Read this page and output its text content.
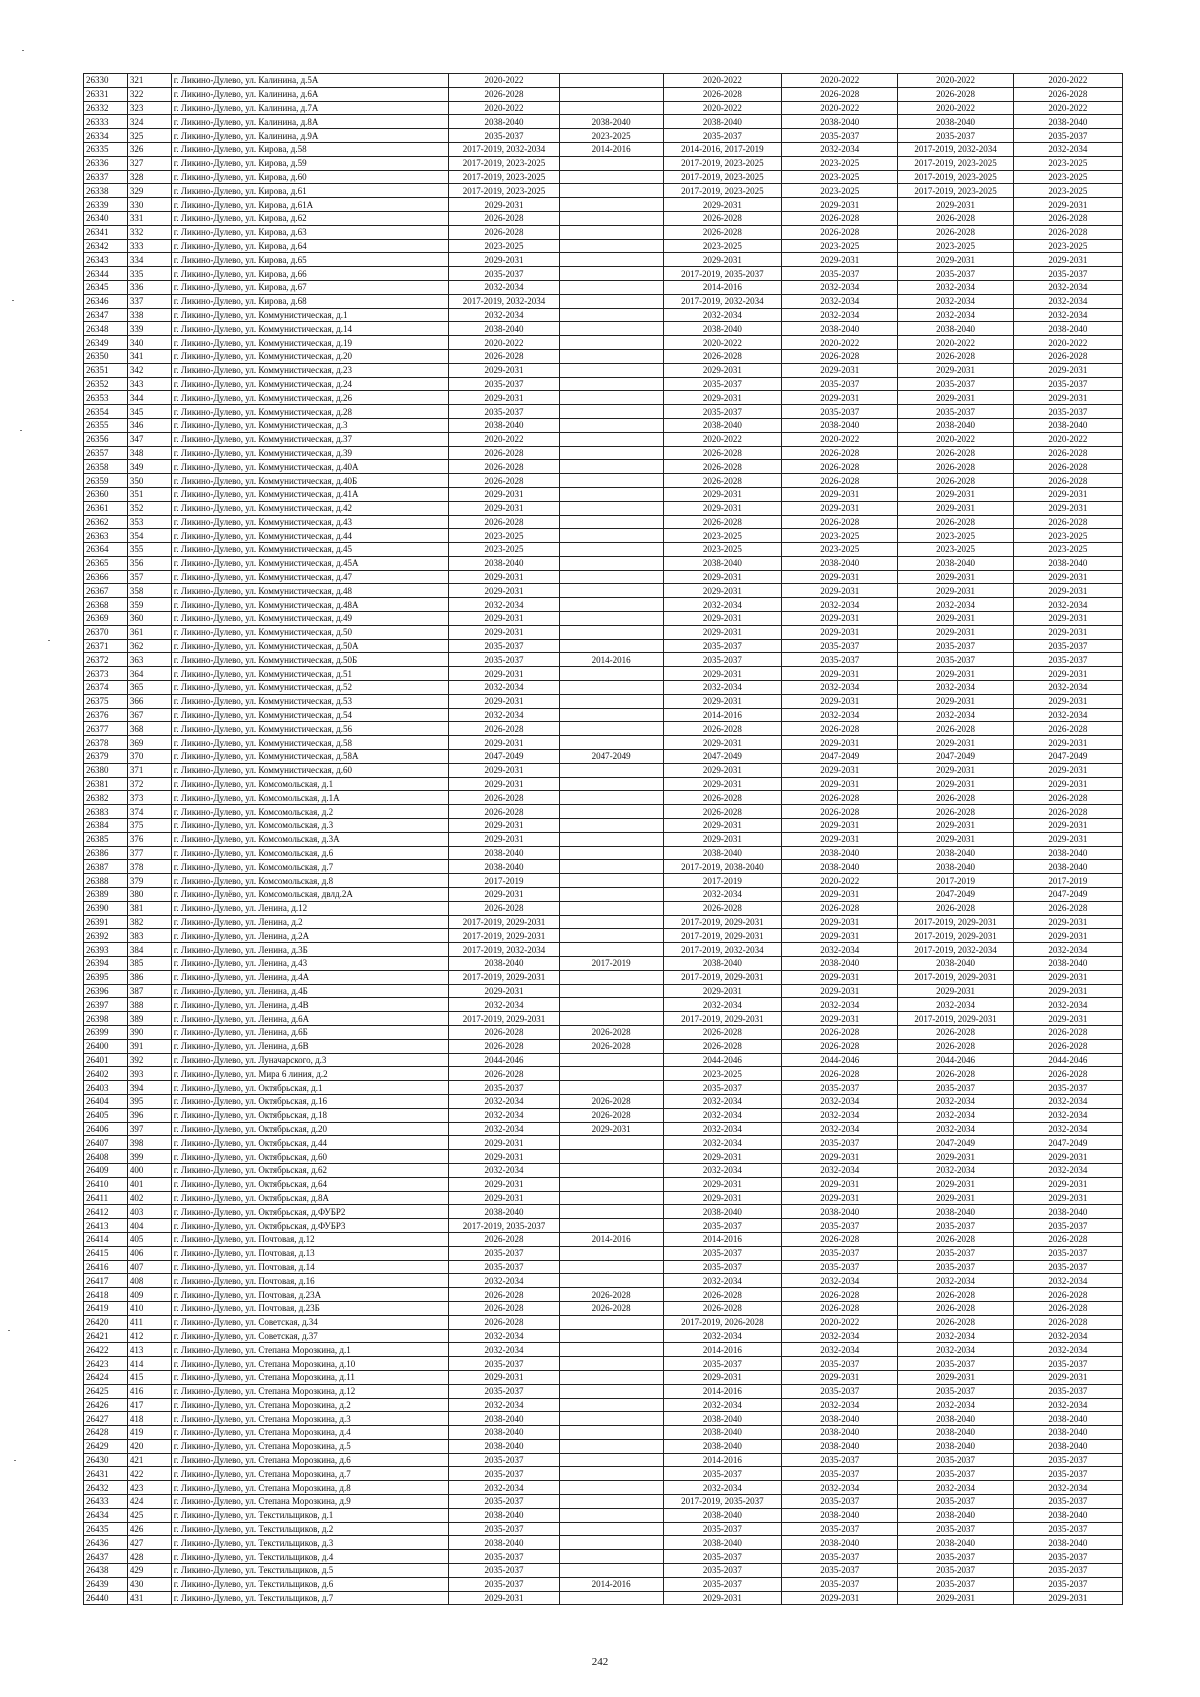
26330	321	г. Ликино-Дулево, ул. Калинина, д.5А	2020-2022		2020-2022	2020-2022	2020-2022	2020-2022
26331	322	г. Ликино-Дулево, ул. Калинина, д.6А	2026-2028		2026-2028	2026-2028	2026-2028	2026-2028
26332	323	г. Ликино-Дулево, ул. Калинина, д.7А	2020-2022		2020-2022	2020-2022	2020-2022	2020-2022
26333	324	г. Ликино-Дулево, ул. Калинина, д.8А	2038-2040	2038-2040	2038-2040	2038-2040	2038-2040	2038-2040
26334	325	г. Ликино-Дулево, ул. Калинина, д.9А	2035-2037	2023-2025	2035-2037	2035-2037	2035-2037	2035-2037
26335	326	г. Ликино-Дулево, ул. Кирова, д.58	2017-2019, 2032-2034	2014-2016	2014-2016, 2017-2019	2032-2034	2017-2019, 2032-2034	2032-2034
26336	327	г. Ликино-Дулево, ул. Кирова, д.59	2017-2019, 2023-2025		2017-2019, 2023-2025	2023-2025	2017-2019, 2023-2025	2023-2025
26337	328	г. Ликино-Дулево, ул. Кирова, д.60	2017-2019, 2023-2025		2017-2019, 2023-2025	2023-2025	2017-2019, 2023-2025	2023-2025
26338	329	г. Ликино-Дулево, ул. Кирова, д.61	2017-2019, 2023-2025		2017-2019, 2023-2025	2023-2025	2017-2019, 2023-2025	2023-2025
26339	330	г. Ликино-Дулево, ул. Кирова, д.61А	2029-2031		2029-2031	2029-2031	2029-2031	2029-2031
26340	331	г. Ликино-Дулево, ул. Кирова, д.62	2026-2028		2026-2028	2026-2028	2026-2028	2026-2028
26341	332	г. Ликино-Дулево, ул. Кирова, д.63	2026-2028		2026-2028	2026-2028	2026-2028	2026-2028
26342	333	г. Ликино-Дулево, ул. Кирова, д.64	2023-2025		2023-2025	2023-2025	2023-2025	2023-2025
26343	334	г. Ликино-Дулево, ул. Кирова, д.65	2029-2031		2029-2031	2029-2031	2029-2031	2029-2031
26344	335	г. Ликино-Дулево, ул. Кирова, д.66	2035-2037		2017-2019, 2035-2037	2035-2037	2035-2037	2035-2037
26345	336	г. Ликино-Дулево, ул. Кирова, д.67	2032-2034		2014-2016	2032-2034	2032-2034	2032-2034
26346	337	г. Ликино-Дулево, ул. Кирова, д.68	2017-2019, 2032-2034		2017-2019, 2032-2034	2032-2034	2032-2034	2032-2034
26347	338	г. Ликино-Дулево, ул. Коммунистическая, д.1	2032-2034		2032-2034	2032-2034	2032-2034	2032-2034
26348	339	г. Ликино-Дулево, ул. Коммунистическая, д.14	2038-2040		2038-2040	2038-2040	2038-2040	2038-2040
26349	340	г. Ликино-Дулево, ул. Коммунистическая, д.19	2020-2022		2020-2022	2020-2022	2020-2022	2020-2022
26350	341	г. Ликино-Дулево, ул. Коммунистическая, д.20	2026-2028		2026-2028	2026-2028	2026-2028	2026-2028
26351	342	г. Ликино-Дулево, ул. Коммунистическая, д.23	2029-2031		2029-2031	2029-2031	2029-2031	2029-2031
26352	343	г. Ликино-Дулево, ул. Коммунистическая, д.24	2035-2037		2035-2037	2035-2037	2035-2037	2035-2037
26353	344	г. Ликино-Дулево, ул. Коммунистическая, д.26	2029-2031		2029-2031	2029-2031	2029-2031	2029-2031
26354	345	г. Ликино-Дулево, ул. Коммунистическая, д.28	2035-2037		2035-2037	2035-2037	2035-2037	2035-2037
26355	346	г. Ликино-Дулево, ул. Коммунистическая, д.3	2038-2040		2038-2040	2038-2040	2038-2040	2038-2040
26356	347	г. Ликино-Дулево, ул. Коммунистическая, д.37	2020-2022		2020-2022	2020-2022	2020-2022	2020-2022
26357	348	г. Ликино-Дулево, ул. Коммунистическая, д.39	2026-2028		2026-2028	2026-2028	2026-2028	2026-2028
26358	349	г. Ликино-Дулево, ул. Коммунистическая, д.40А	2026-2028		2026-2028	2026-2028	2026-2028	2026-2028
26359	350	г. Ликино-Дулево, ул. Коммунистическая, д.40Б	2026-2028		2026-2028	2026-2028	2026-2028	2026-2028
26360	351	г. Ликино-Дулево, ул. Коммунистическая, д.41А	2029-2031		2029-2031	2029-2031	2029-2031	2029-2031
26361	352	г. Ликино-Дулево, ул. Коммунистическая, д.42	2029-2031		2029-2031	2029-2031	2029-2031	2029-2031
26362	353	г. Ликино-Дулево, ул. Коммунистическая, д.43	2026-2028		2026-2028	2026-2028	2026-2028	2026-2028
26363	354	г. Ликино-Дулево, ул. Коммунистическая, д.44	2023-2025		2023-2025	2023-2025	2023-2025	2023-2025
26364	355	г. Ликино-Дулево, ул. Коммунистическая, д.45	2023-2025		2023-2025	2023-2025	2023-2025	2023-2025
26365	356	г. Ликино-Дулево, ул. Коммунистическая, д.45А	2038-2040		2038-2040	2038-2040	2038-2040	2038-2040
26366	357	г. Ликино-Дулево, ул. Коммунистическая, д.47	2029-2031		2029-2031	2029-2031	2029-2031	2029-2031
26367	358	г. Ликино-Дулево, ул. Коммунистическая, д.48	2029-2031		2029-2031	2029-2031	2029-2031	2029-2031
26368	359	г. Ликино-Дулево, ул. Коммунистическая, д.48А	2032-2034		2032-2034	2032-2034	2032-2034	2032-2034
26369	360	г. Ликино-Дулево, ул. Коммунистическая, д.49	2029-2031		2029-2031	2029-2031	2029-2031	2029-2031
26370	361	г. Ликино-Дулево, ул. Коммунистическая, д.50	2029-2031		2029-2031	2029-2031	2029-2031	2029-2031
26371	362	г. Ликино-Дулево, ул. Коммунистическая, д.50А	2035-2037		2035-2037	2035-2037	2035-2037	2035-2037
26372	363	г. Ликино-Дулево, ул. Коммунистическая, д.50Б	2035-2037	2014-2016	2035-2037	2035-2037	2035-2037	2035-2037
26373	364	г. Ликино-Дулево, ул. Коммунистическая, д.51	2029-2031		2029-2031	2029-2031	2029-2031	2029-2031
26374	365	г. Ликино-Дулево, ул. Коммунистическая, д.52	2032-2034		2032-2034	2032-2034	2032-2034	2032-2034
26375	366	г. Ликино-Дулево, ул. Коммунистическая, д.53	2029-2031		2029-2031	2029-2031	2029-2031	2029-2031
26376	367	г. Ликино-Дулево, ул. Коммунистическая, д.54	2032-2034		2014-2016	2032-2034	2032-2034	2032-2034
26377	368	г. Ликино-Дулево, ул. Коммунистическая, д.56	2026-2028		2026-2028	2026-2028	2026-2028	2026-2028
26378	369	г. Ликино-Дулево, ул. Коммунистическая, д.58	2029-2031		2029-2031	2029-2031	2029-2031	2029-2031
26379	370	г. Ликино-Дулево, ул. Коммунистическая, д.58А	2047-2049	2047-2049	2047-2049	2047-2049	2047-2049	2047-2049
26380	371	г. Ликино-Дулево, ул. Коммунистическая, д.60	2029-2031		2029-2031	2029-2031	2029-2031	2029-2031
26381	372	г. Ликино-Дулево, ул. Комсомольская, д.1	2029-2031		2029-2031	2029-2031	2029-2031	2029-2031
26382	373	г. Ликино-Дулево, ул. Комсомольская, д.1А	2026-2028		2026-2028	2026-2028	2026-2028	2026-2028
26383	374	г. Ликино-Дулево, ул. Комсомольская, д.2	2026-2028		2026-2028	2026-2028	2026-2028	2026-2028
26384	375	г. Ликино-Дулево, ул. Комсомольская, д.3	2029-2031		2029-2031	2029-2031	2029-2031	2029-2031
26385	376	г. Ликино-Дулево, ул. Комсомольская, д.3А	2029-2031		2029-2031	2029-2031	2029-2031	2029-2031
26386	377	г. Ликино-Дулево, ул. Комсомольская, д.6	2038-2040		2038-2040	2038-2040	2038-2040	2038-2040
26387	378	г. Ликино-Дулево, ул. Комсомольская, д.7	2038-2040		2017-2019, 2038-2040	2038-2040	2038-2040	2038-2040
26388	379	г. Ликино-Дулево, ул. Комсомольская, д.8	2017-2019		2017-2019	2020-2022	2017-2019	2017-2019
26389	380	г. Ликино-Дулёво, ул. Комсомольская, двлд.2А	2029-2031		2032-2034	2029-2031	2047-2049	2047-2049
26390	381	г. Ликино-Дулево, ул. Ленина, д.12	2026-2028		2026-2028	2026-2028	2026-2028	2026-2028
26391	382	г. Ликино-Дулево, ул. Ленина, д.2	2017-2019, 2029-2031		2017-2019, 2029-2031	2029-2031	2017-2019, 2029-2031	2029-2031
26392	383	г. Ликино-Дулево, ул. Ленина, д.2А	2017-2019, 2029-2031		2017-2019, 2029-2031	2029-2031	2017-2019, 2029-2031	2029-2031
26393	384	г. Ликино-Дулево, ул. Ленина, д.3Б	2017-2019, 2032-2034		2017-2019, 2032-2034	2032-2034	2017-2019, 2032-2034	2032-2034
26394	385	г. Ликино-Дулево, ул. Ленина, д.43	2038-2040	2017-2019	2038-2040	2038-2040	2038-2040	2038-2040
26395	386	г. Ликино-Дулево, ул. Ленина, д.4А	2017-2019, 2029-2031		2017-2019, 2029-2031	2029-2031	2017-2019, 2029-2031	2029-2031
26396	387	г. Ликино-Дулево, ул. Ленина, д.4Б	2029-2031		2029-2031	2029-2031	2029-2031	2029-2031
26397	388	г. Ликино-Дулево, ул. Ленина, д.4В	2032-2034		2032-2034	2032-2034	2032-2034	2032-2034
26398	389	г. Ликино-Дулево, ул. Ленина, д.6А	2017-2019, 2029-2031		2017-2019, 2029-2031	2029-2031	2017-2019, 2029-2031	2029-2031
26399	390	г. Ликино-Дулево, ул. Ленина, д.6Б	2026-2028	2026-2028	2026-2028	2026-2028	2026-2028	2026-2028
26400	391	г. Ликино-Дулево, ул. Ленина, д.6В	2026-2028	2026-2028	2026-2028	2026-2028	2026-2028	2026-2028
26401	392	г. Ликино-Дулево, ул. Луначарского, д.3	2044-2046		2044-2046	2044-2046	2044-2046	2044-2046
26402	393	г. Ликино-Дулево, ул. Мира 6 линия, д.2	2026-2028		2023-2025	2026-2028	2026-2028	2026-2028
26403	394	г. Ликино-Дулево, ул. Октябрьская, д.1	2035-2037		2035-2037	2035-2037	2035-2037	2035-2037
26404	395	г. Ликино-Дулево, ул. Октябрьская, д.16	2032-2034	2026-2028	2032-2034	2032-2034	2032-2034	2032-2034
26405	396	г. Ликино-Дулево, ул. Октябрьская, д.18	2032-2034	2026-2028	2032-2034	2032-2034	2032-2034	2032-2034
26406	397	г. Ликино-Дулево, ул. Октябрьская, д.20	2032-2034	2029-2031	2032-2034	2032-2034	2032-2034	2032-2034
26407	398	г. Ликино-Дулево, ул. Октябрьская, д.44	2029-2031		2032-2034	2035-2037	2047-2049	2047-2049
26408	399	г. Ликино-Дулево, ул. Октябрьская, д.60	2029-2031		2029-2031	2029-2031	2029-2031	2029-2031
26409	400	г. Ликино-Дулево, ул. Октябрьская, д.62	2032-2034		2032-2034	2032-2034	2032-2034	2032-2034
26410	401	г. Ликино-Дулево, ул. Октябрьская, д.64	2029-2031		2029-2031	2029-2031	2029-2031	2029-2031
26411	402	г. Ликино-Дулево, ул. Октябрьская, д.8А	2029-2031		2029-2031	2029-2031	2029-2031	2029-2031
26412	403	г. Ликино-Дулево, ул. Октябрьская, д.ФУБР2	2038-2040		2038-2040	2038-2040	2038-2040	2038-2040
26413	404	г. Ликино-Дулево, ул. Октябрьская, д.ФУБР3	2017-2019, 2035-2037		2035-2037	2035-2037	2035-2037	2035-2037
26414	405	г. Ликино-Дулево, ул. Почтовая, д.12	2026-2028	2014-2016	2014-2016	2026-2028	2026-2028	2026-2028
26415	406	г. Ликино-Дулево, ул. Почтовая, д.13	2035-2037		2035-2037	2035-2037	2035-2037	2035-2037
26416	407	г. Ликино-Дулево, ул. Почтовая, д.14	2035-2037		2035-2037	2035-2037	2035-2037	2035-2037
26417	408	г. Ликино-Дулево, ул. Почтовая, д.16	2032-2034		2032-2034	2032-2034	2032-2034	2032-2034
26418	409	г. Ликино-Дулево, ул. Почтовая, д.23А	2026-2028	2026-2028	2026-2028	2026-2028	2026-2028	2026-2028
26419	410	г. Ликино-Дулево, ул. Почтовая, д.23Б	2026-2028	2026-2028	2026-2028	2026-2028	2026-2028	2026-2028
26420	411	г. Ликино-Дулево, ул. Советская, д.34	2026-2028		2017-2019, 2026-2028	2020-2022	2026-2028	2026-2028
26421	412	г. Ликино-Дулево, ул. Советская, д.37	2032-2034		2032-2034	2032-2034	2032-2034	2032-2034
26422	413	г. Ликино-Дулево, ул. Степана Морозкина, д.1	2032-2034		2014-2016	2032-2034	2032-2034	2032-2034
26423	414	г. Ликино-Дулево, ул. Степана Морозкина, д.10	2035-2037		2035-2037	2035-2037	2035-2037	2035-2037
26424	415	г. Ликино-Дулево, ул. Степана Морозкина, д.11	2029-2031		2029-2031	2029-2031	2029-2031	2029-2031
26425	416	г. Ликино-Дулево, ул. Степана Морозкина, д.12	2035-2037		2014-2016	2035-2037	2035-2037	2035-2037
26426	417	г. Ликино-Дулево, ул. Степана Морозкина, д.2	2032-2034		2032-2034	2032-2034	2032-2034	2032-2034
26427	418	г. Ликино-Дулево, ул. Степана Морозкина, д.3	2038-2040		2038-2040	2038-2040	2038-2040	2038-2040
26428	419	г. Ликино-Дулево, ул. Степана Морозкина, д.4	2038-2040		2038-2040	2038-2040	2038-2040	2038-2040
26429	420	г. Ликино-Дулево, ул. Степана Морозкина, д.5	2038-2040		2038-2040	2038-2040	2038-2040	2038-2040
26430	421	г. Ликино-Дулево, ул. Степана Морозкина, д.6	2035-2037		2014-2016	2035-2037	2035-2037	2035-2037
26431	422	г. Ликино-Дулево, ул. Степана Морозкина, д.7	2035-2037		2035-2037	2035-2037	2035-2037	2035-2037
26432	423	г. Ликино-Дулево, ул. Степана Морозкина, д.8	2032-2034		2032-2034	2032-2034	2032-2034	2032-2034
26433	424	г. Ликино-Дулево, ул. Степана Морозкина, д.9	2035-2037		2017-2019, 2035-2037	2035-2037	2035-2037	2035-2037
26434	425	г. Ликино-Дулево, ул. Текстильщиков, д.1	2038-2040		2038-2040	2038-2040	2038-2040	2038-2040
26435	426	г. Ликино-Дулево, ул. Текстильщиков, д.2	2035-2037		2035-2037	2035-2037	2035-2037	2035-2037
26436	427	г. Ликино-Дулево, ул. Текстильщиков, д.3	2038-2040		2038-2040	2038-2040	2038-2040	2038-2040
26437	428	г. Ликино-Дулево, ул. Текстильщиков, д.4	2035-2037		2035-2037	2035-2037	2035-2037	2035-2037
26438	429	г. Ликино-Дулево, ул. Текстильщиков, д.5	2035-2037		2035-2037	2035-2037	2035-2037	2035-2037
26439	430	г. Ликино-Дулево, ул. Текстильщиков, д.6	2035-2037	2014-2016	2035-2037	2035-2037	2035-2037	2035-2037
26440	431	г. Ликино-Дулево, ул. Текстильщиков, д.7	2029-2031		2029-2031	2029-2031	2029-2031	2029-2031
242
